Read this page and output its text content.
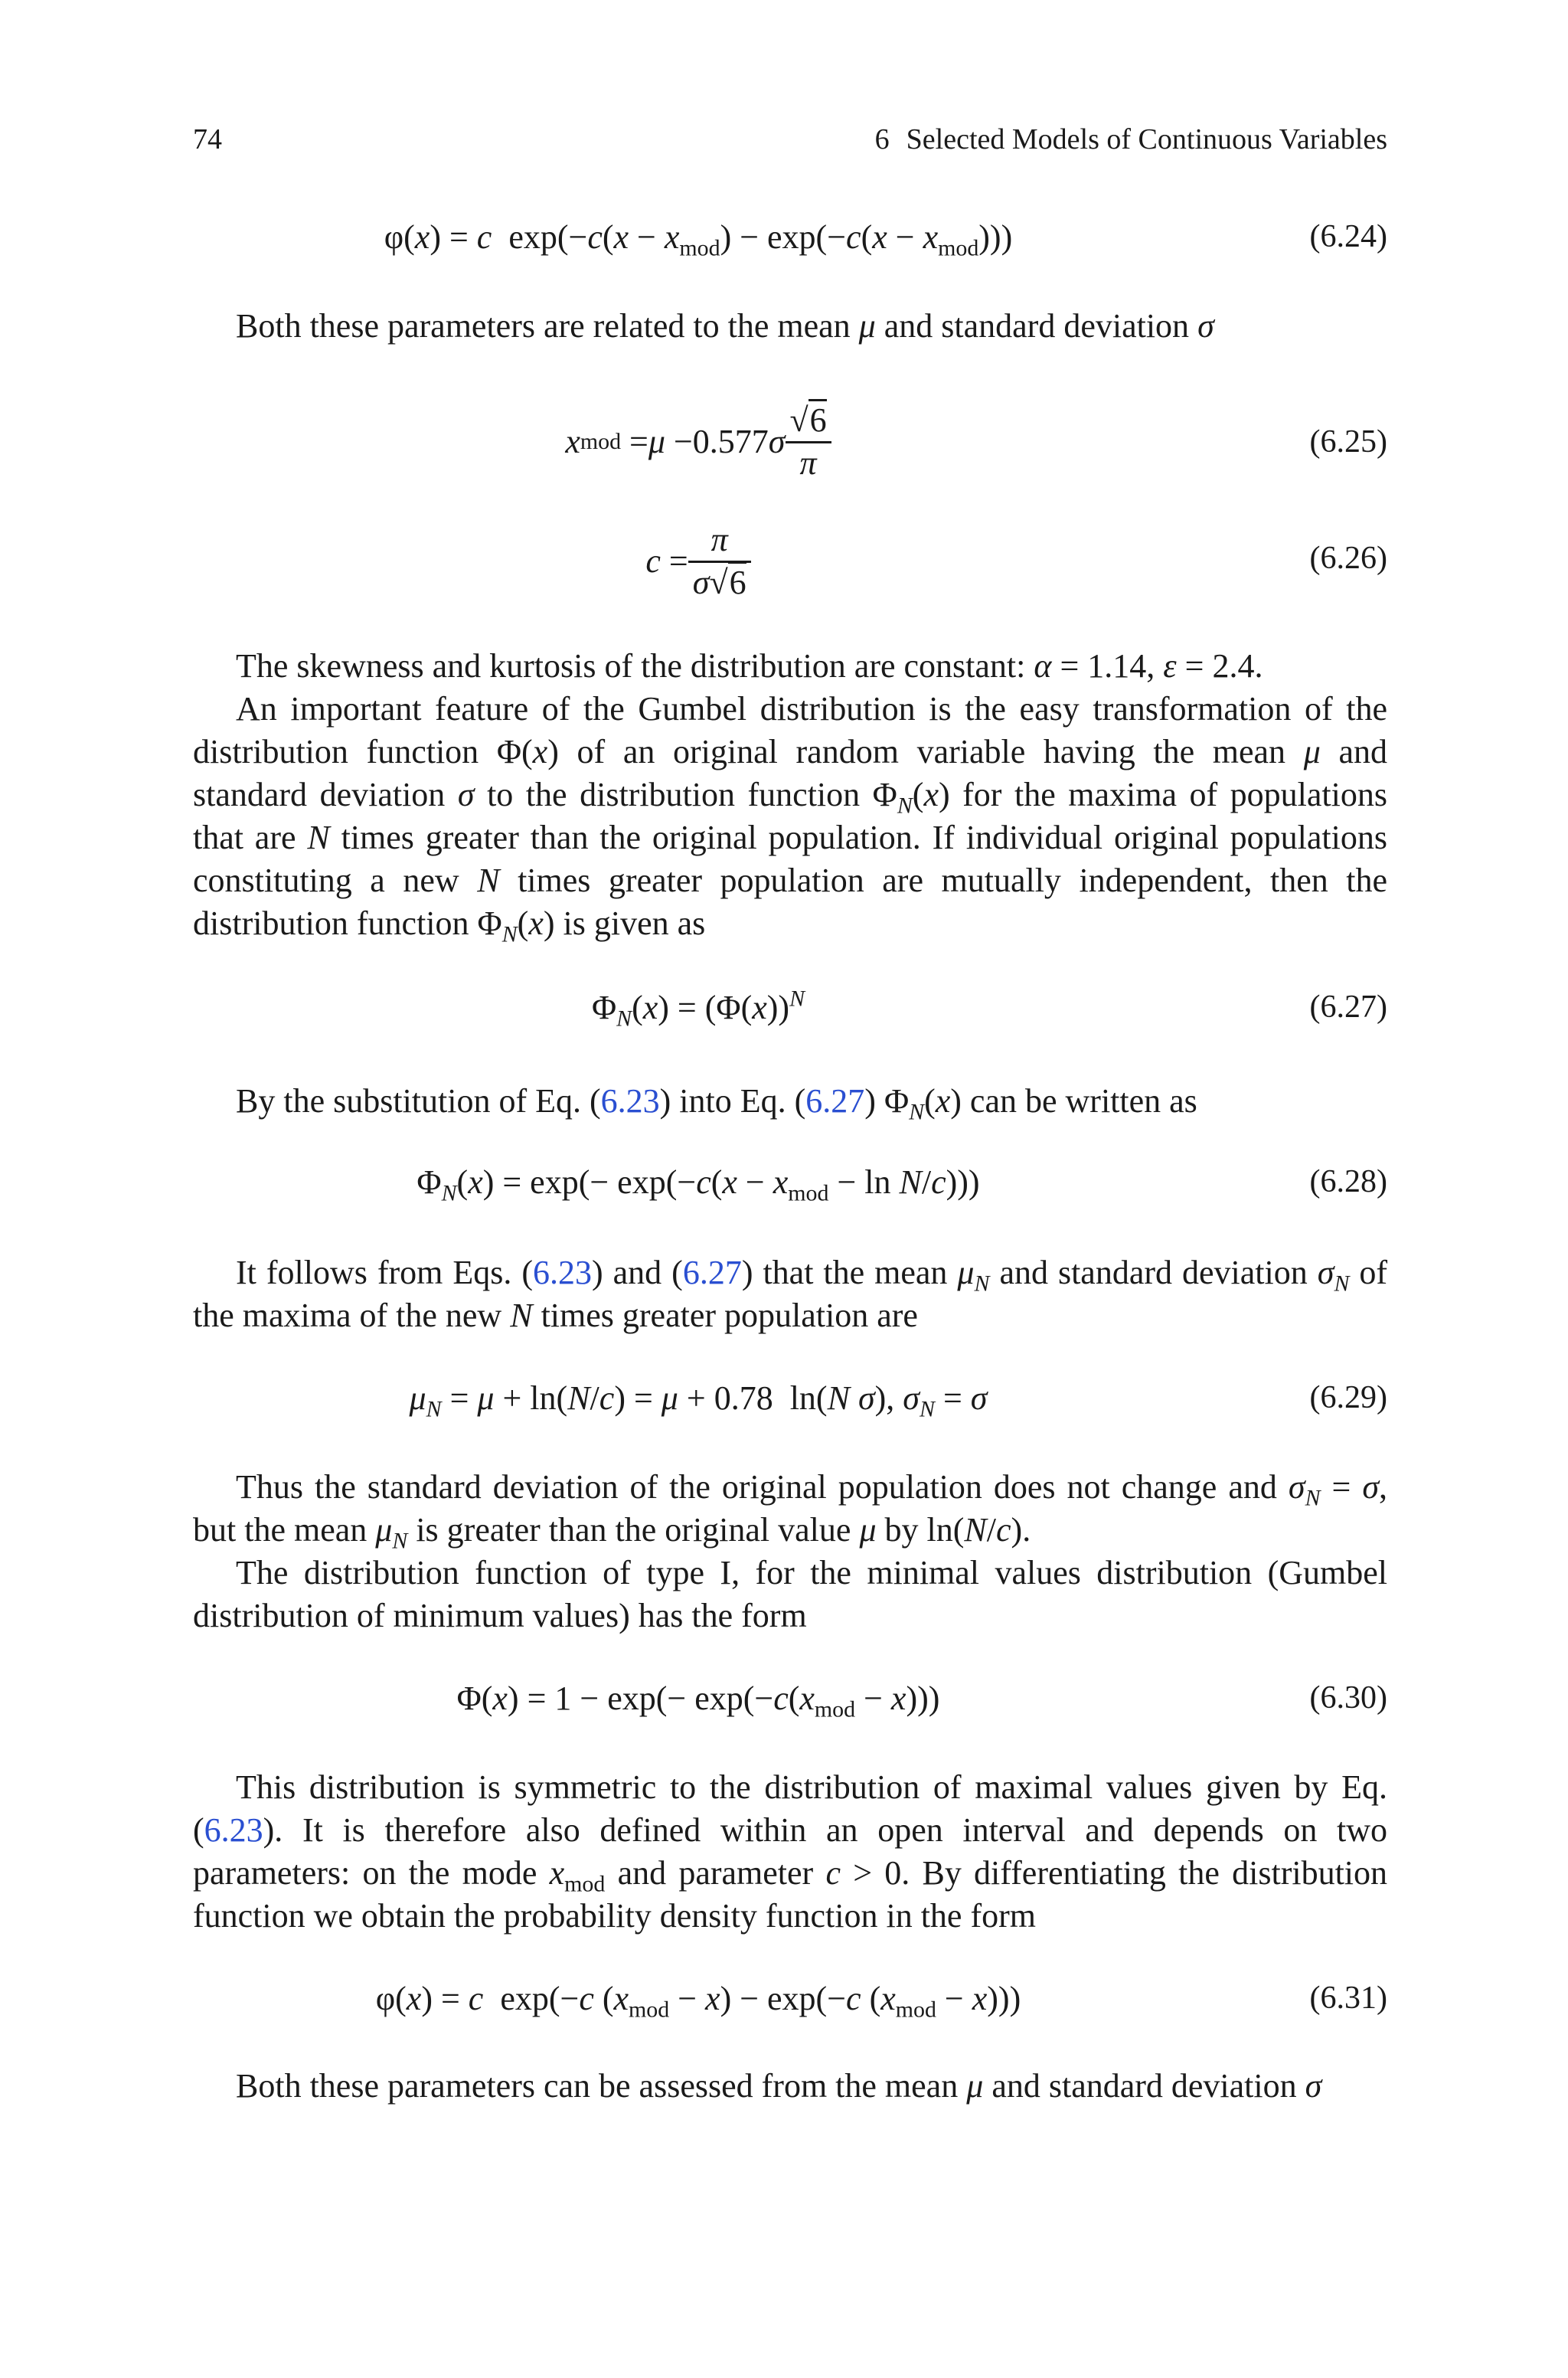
74	6 Selected Models of Continuous Variables
φ(x) = c  $\exp(-c(x - x_{mod}) - \exp(-c(x - x_{mod})))$	(6.24)
Both these parameters are related to the mean μ and standard deviation σ
x mod = μ − 0.577 σ $\frac{√6}{\pi}$	(6.25)
$c = \frac{\pi}{\sigma√6}$	(6.26)
The skewness and kurtosis of the distribution are constant: α = 1.14, ε = 2.4.
An important feature of the Gumbel distribution is the easy transformation of the distribution function Φ(x) of an original random variable having the mean μ and standard deviation σ to the distribution function $\Phi_N(x)$ for the maxima of populations that are N times greater than the original population. If individual original populations constituting a new N times greater population are mutually independent, then the distribution function $\Phi_N(x)$ is given as
$\Phi_N(x) = (\Phi(x))^N$	(6.27)
By the substitution of Eq. (6.23) into Eq. (6.27) $\Phi_N(x)$ can be written as
$\Phi_N(x) = \exp(- \exp(-c(x - x_{mod} - \ln N/c)))$	(6.28)
It follows from Eqs. (6.23) and (6.27) that the mean $\mu_N$ and standard deviation $\sigma_N$ of the maxima of the new N times greater population are
$\mu_N = \mu + \ln(N/c) = \mu + 0.78$  ln(N σ), $\sigma_N = \sigma$	(6.29)
Thus the standard deviation of the original population does not change and $\sigma_N = \sigma$, but the mean $\mu_N$ is greater than the original value μ by ln(N/c).
The distribution function of type I, for the minimal values distribution (Gumbel distribution of minimum values) has the form
$\Phi(x) = 1 - \exp(- \exp(-c(x_{mod} - x)))$	(6.30)
This distribution is symmetric to the distribution of maximal values given by Eq. (6.23). It is therefore also defined within an open interval and depends on two parameters: on the mode $x_{mod}$ and parameter c > 0. By differentiating the distribution function we obtain the probability density function in the form
φ(x) = c  exp(−c $(x_{mod} - x) - \exp(-c$ $(x_{mod} - x)$))	(6.31)
Both these parameters can be assessed from the mean μ and standard deviation σ
